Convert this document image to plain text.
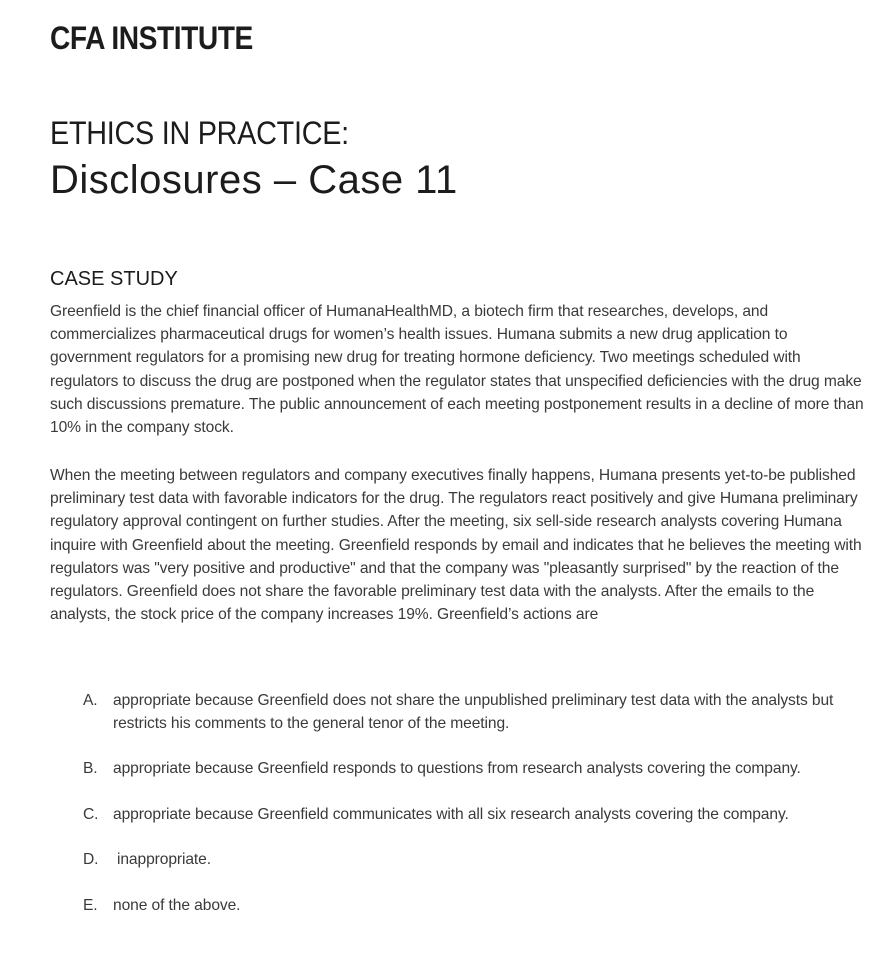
CFA INSTITUTE
ETHICS IN PRACTICE:
Disclosures – Case 11
CASE STUDY

Greenfield is the chief financial officer of HumanaHealthMD, a biotech firm that researches, develops, and commercializes pharmaceutical drugs for women’s health issues. Humana submits a new drug application to government regulators for a promising new drug for treating hormone deficiency. Two meetings scheduled with regulators to discuss the drug are postponed when the regulator states that unspecified deficiencies with the drug make such discussions premature. The public announcement of each meeting postponement results in a decline of more than 10% in the company stock.

When the meeting between regulators and company executives finally happens, Humana presents yet-to-be published preliminary test data with favorable indicators for the drug. The regulators react positively and give Humana preliminary regulatory approval contingent on further studies. After the meeting, six sell-side research analysts covering Humana inquire with Greenfield about the meeting. Greenfield responds by email and indicates that he believes the meeting with regulators was "very positive and productive" and that the company was "pleasantly surprised" by the reaction of the regulators. Greenfield does not share the favorable preliminary test data with the analysts. After the emails to the analysts, the stock price of the company increases 19%. Greenfield’s actions are

A. appropriate because Greenfield does not share the unpublished preliminary test data with the analysts but restricts his comments to the general tenor of the meeting.
B. appropriate because Greenfield responds to questions from research analysts covering the company.
C. appropriate because Greenfield communicates with all six research analysts covering the company.
D. inappropriate.
E. none of the above.
